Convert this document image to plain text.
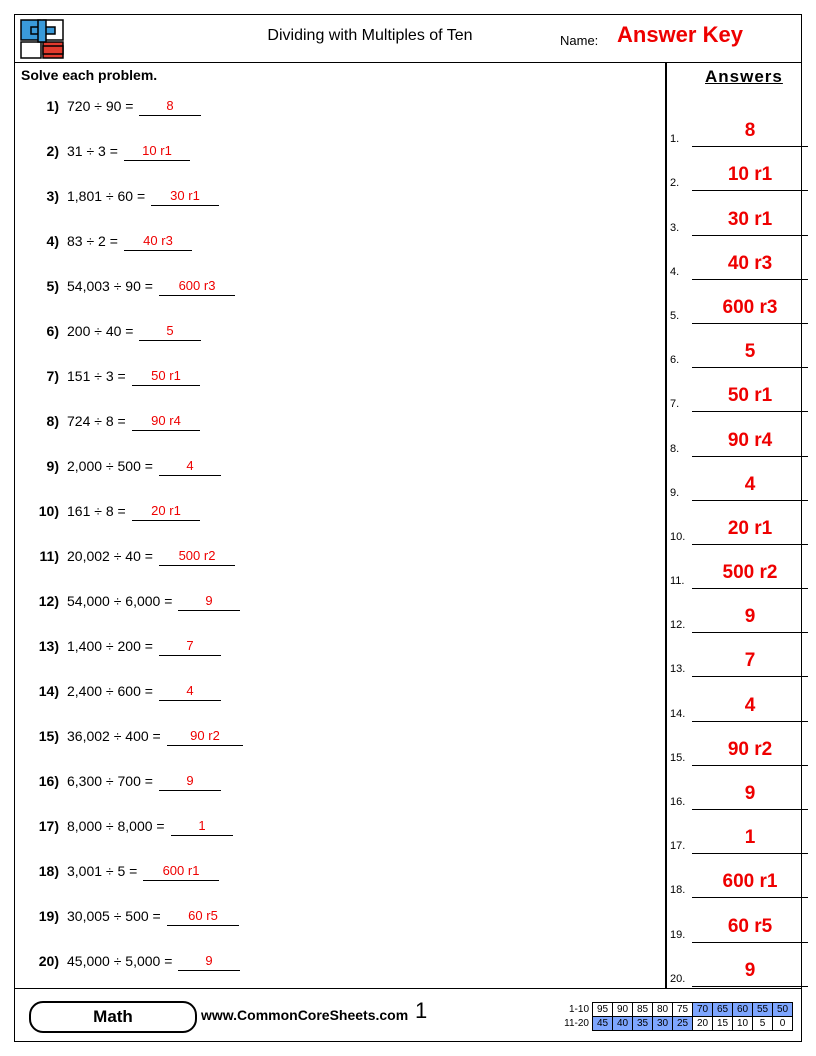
Dividing with Multiples of Ten	Name: Answer Key
Solve each problem.
1) 720 ÷ 90 =	8
2) 31 ÷ 3 =	10 r1
3) 1,801 ÷ 60 =	30 r1
4) 83 ÷ 2 =	40 r3
5) 54,003 ÷ 90 =	600 r3
6) 200 ÷ 40 =	5
7) 151 ÷ 3 =	50 r1
8) 724 ÷ 8 =	90 r4
9) 2,000 ÷ 500 =	4
10) 161 ÷ 8 =	20 r1
11) 20,002 ÷ 40 =	500 r2
12) 54,000 ÷ 6,000 =	9
13) 1,400 ÷ 200 =	7
14) 2,400 ÷ 600 =	4
15) 36,002 ÷ 400 =	90 r2
16) 6,300 ÷ 700 =	9
17) 8,000 ÷ 8,000 =	1
18) 3,001 ÷ 5 =	600 r1
19) 30,005 ÷ 500 =	60 r5
20) 45,000 ÷ 5,000 =	9
Answers
1.	8
2.	10 r1
3.	30 r1
4.	40 r3
5.	600 r3
6.	5
7.	50 r1
8.	90 r4
9.	4
10.	20 r1
11.	500 r2
12.	9
13.	7
14.	4
15.	90 r2
16.	9
17.	1
18.	600 r1
19.	60 r5
20.	9
Math	www.CommonCoreSheets.com 1	1-10	95	90	85	80	75	70	65	60	55	50
11-20	45	40	35	30	25	20	15	10	5	0
